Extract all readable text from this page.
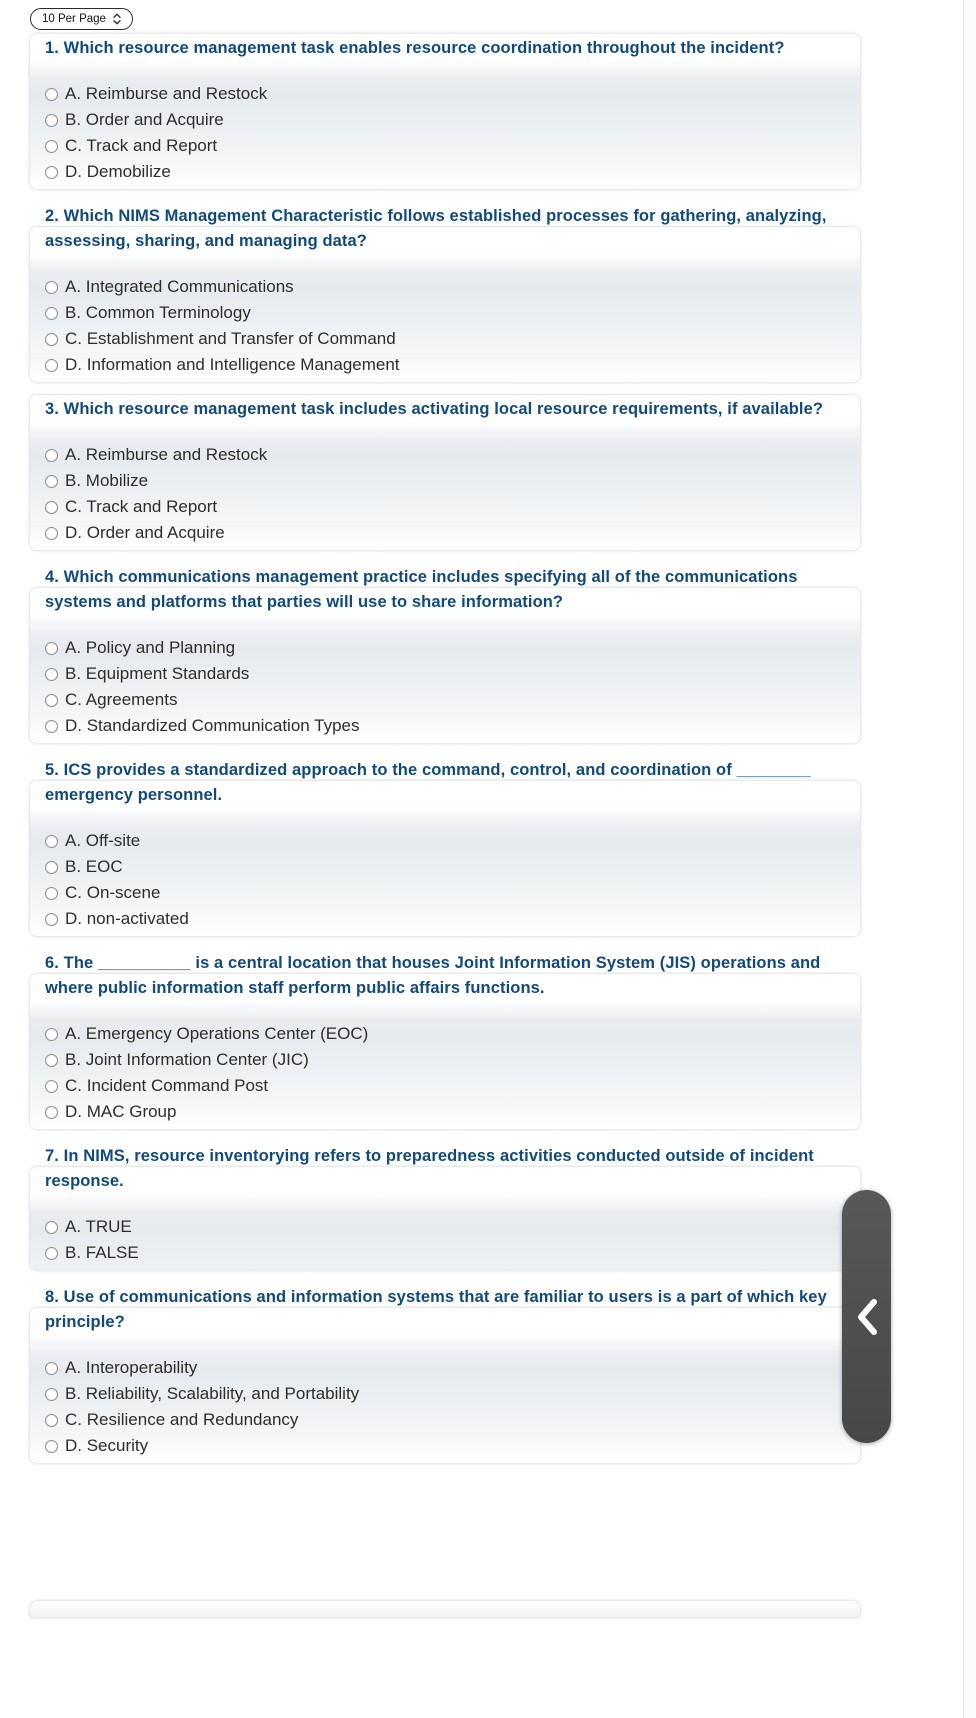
10 Per Page
1. Which resource management task enables resource coordination throughout the incident?
A. Reimburse and Restock
B. Order and Acquire
C. Track and Report
D. Demobilize
2. Which NIMS Management Characteristic follows established processes for gathering, analyzing, assessing, sharing, and managing data?
A. Integrated Communications
B. Common Terminology
C. Establishment and Transfer of Command
D. Information and Intelligence Management
3. Which resource management task includes activating local resource requirements, if available?
A. Reimburse and Restock
B. Mobilize
C. Track and Report
D. Order and Acquire
4. Which communications management practice includes specifying all of the communications systems and platforms that parties will use to share information?
A. Policy and Planning
B. Equipment Standards
C. Agreements
D. Standardized Communication Types
5. ICS provides a standardized approach to the command, control, and coordination of ________ emergency personnel.
A. Off-site
B. EOC
C. On-scene
D. non-activated
6. The __________ is a central location that houses Joint Information System (JIS) operations and where public information staff perform public affairs functions.
A. Emergency Operations Center (EOC)
B. Joint Information Center (JIC)
C. Incident Command Post
D. MAC Group
7. In NIMS, resource inventorying refers to preparedness activities conducted outside of incident response.
A. TRUE
B. FALSE
8. Use of communications and information systems that are familiar to users is a part of which key principle?
A. Interoperability
B. Reliability, Scalability, and Portability
C. Resilience and Redundancy
D. Security
